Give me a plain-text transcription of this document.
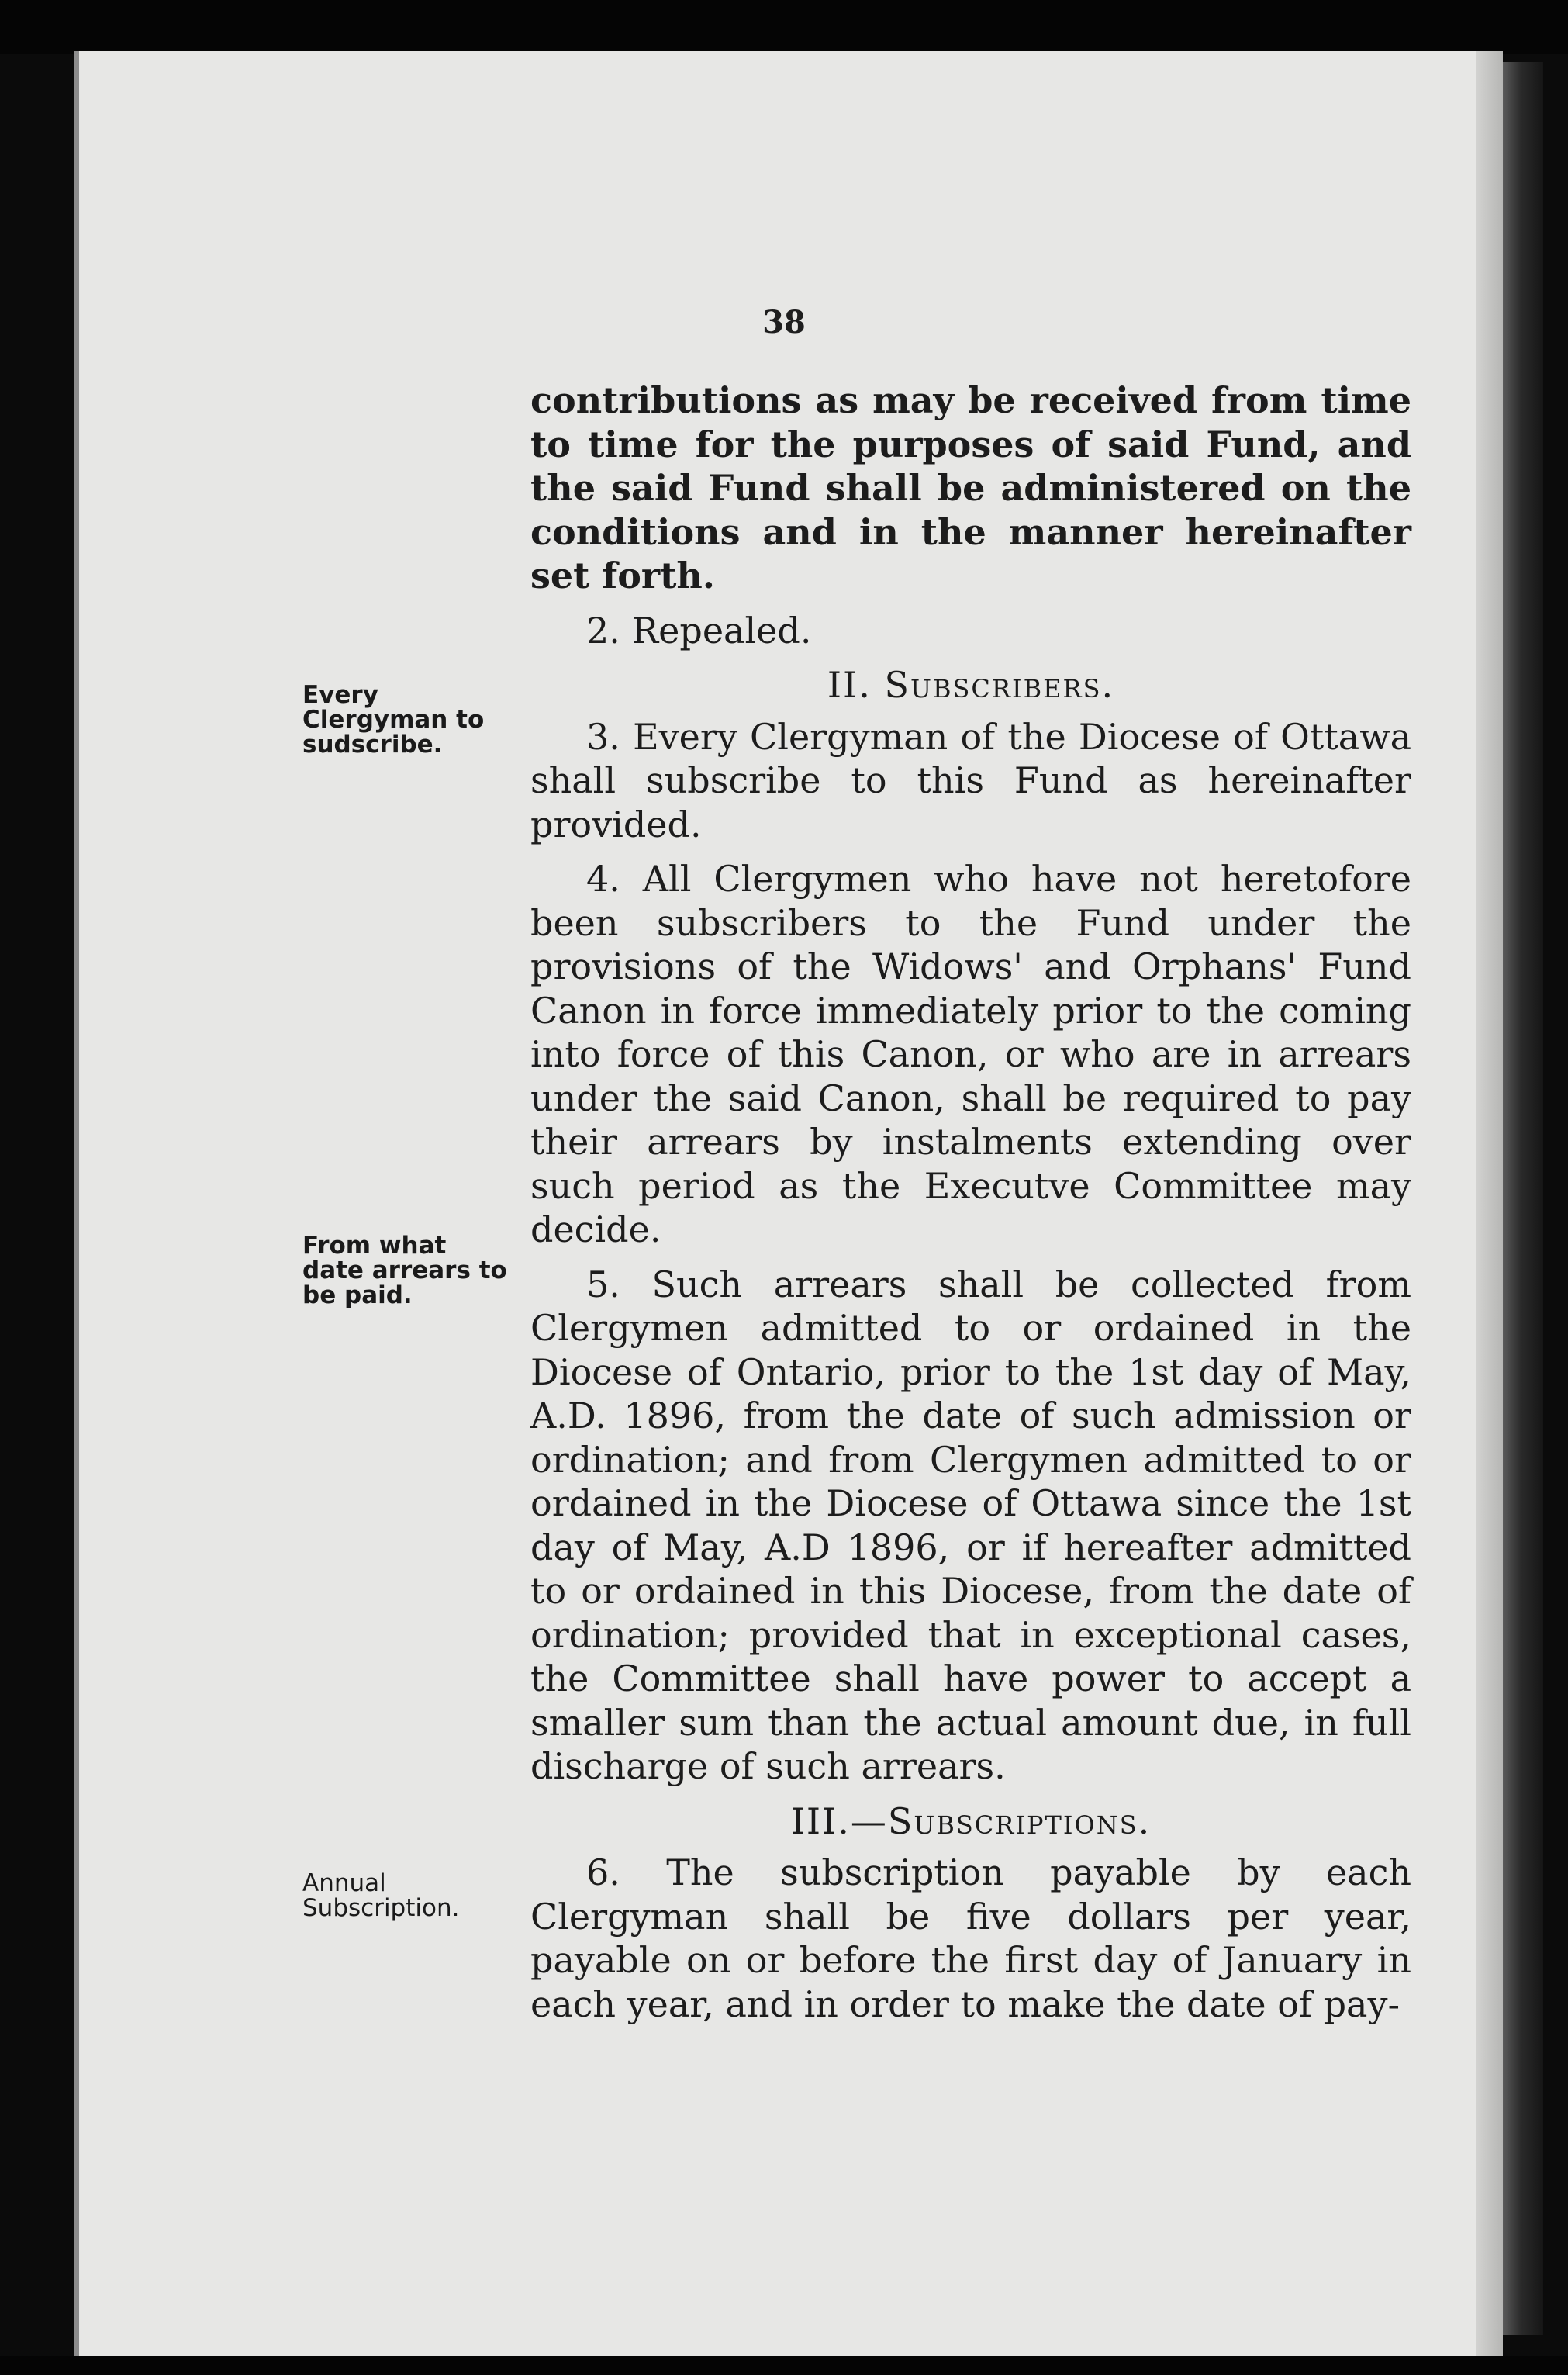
38

contributions as may be received from time to time for the purposes of said Fund, and the said Fund shall be administered on the conditions and in the manner hereinafter set forth.

2. Repealed.

II. Subscribers.

3. Every Clergyman of the Diocese of Ottawa shall subscribe to this Fund as hereinafter provided.

4. All Clergymen who have not heretofore been subscribers to the Fund under the provisions of the Widows' and Orphans' Fund Canon in force immediately prior to the coming into force of this Canon, or who are in arrears under the said Canon, shall be required to pay their arrears by instalments extending over such period as the Executve Committee may decide.

5. Such arrears shall be collected from Clergymen admitted to or ordained in the Diocese of Ontario, prior to the 1st day of May, A.D. 1896, from the date of such admission or ordination; and from Clergymen admitted to or ordained in the Diocese of Ottawa since the 1st day of May, A.D 1896, or if hereafter admitted to or ordained in this Diocese, from the date of ordination; provided that in exceptional cases, the Committee shall have power to accept a smaller sum than the actual amount due, in full discharge of such arrears.

III.—Subscriptions.

6. The subscription payable by each Clergyman shall be five dollars per year, payable on or before the first day of January in each year, and in order to make the date of pay-

Every Clergyman to sudscribe.

From what date arrears to be paid.

Annual Subscription.
